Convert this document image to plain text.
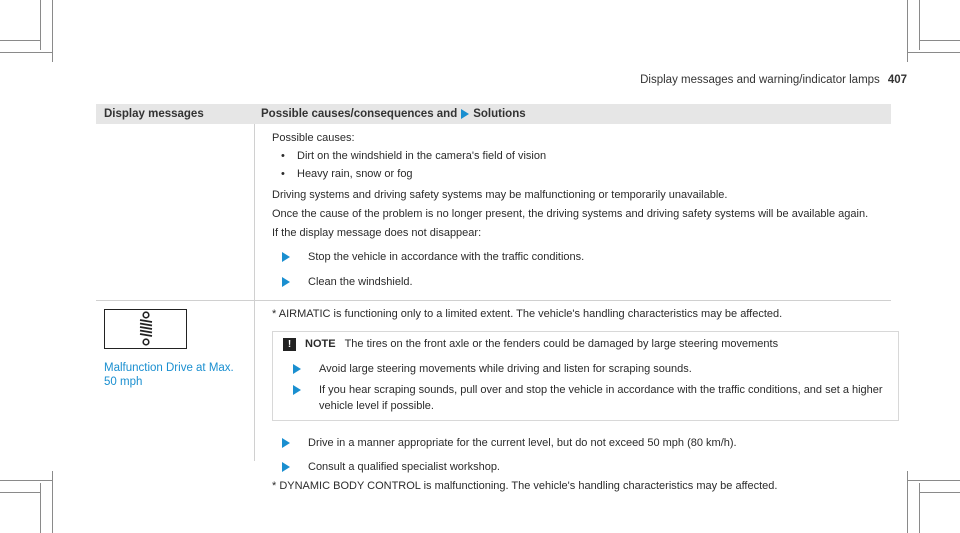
Display messages and warning/indicator lamps 407
Display messages	Possible causes/consequences and Solutions
Possible causes:
• Dirt on the windshield in the camera's field of vision
• Heavy rain, snow or fog
Driving systems and driving safety systems may be malfunctioning or temporarily unavailable.
Once the cause of the problem is no longer present, the driving systems and driving safety systems will be available again.
If the display message does not disappear:
Stop the vehicle in accordance with the traffic conditions.
Clean the windshield.
Malfunction Drive at Max.
50 mph
* AIRMATIC is functioning only to a limited extent. The vehicle's handling characteristics may be affected.
!	NOTE The tires on the front axle or the fenders could be damaged by large steering movements
Avoid large steering movements while driving and listen for scraping sounds.
If you hear scraping sounds, pull over and stop the vehicle in accordance with the traffic conditions, and set a higher vehicle level if possible.
Drive in a manner appropriate for the current level, but do not exceed 50 mph (80 km/h).
Consult a qualified specialist workshop.
* DYNAMIC BODY CONTROL is malfunctioning. The vehicle's handling characteristics may be affected.
